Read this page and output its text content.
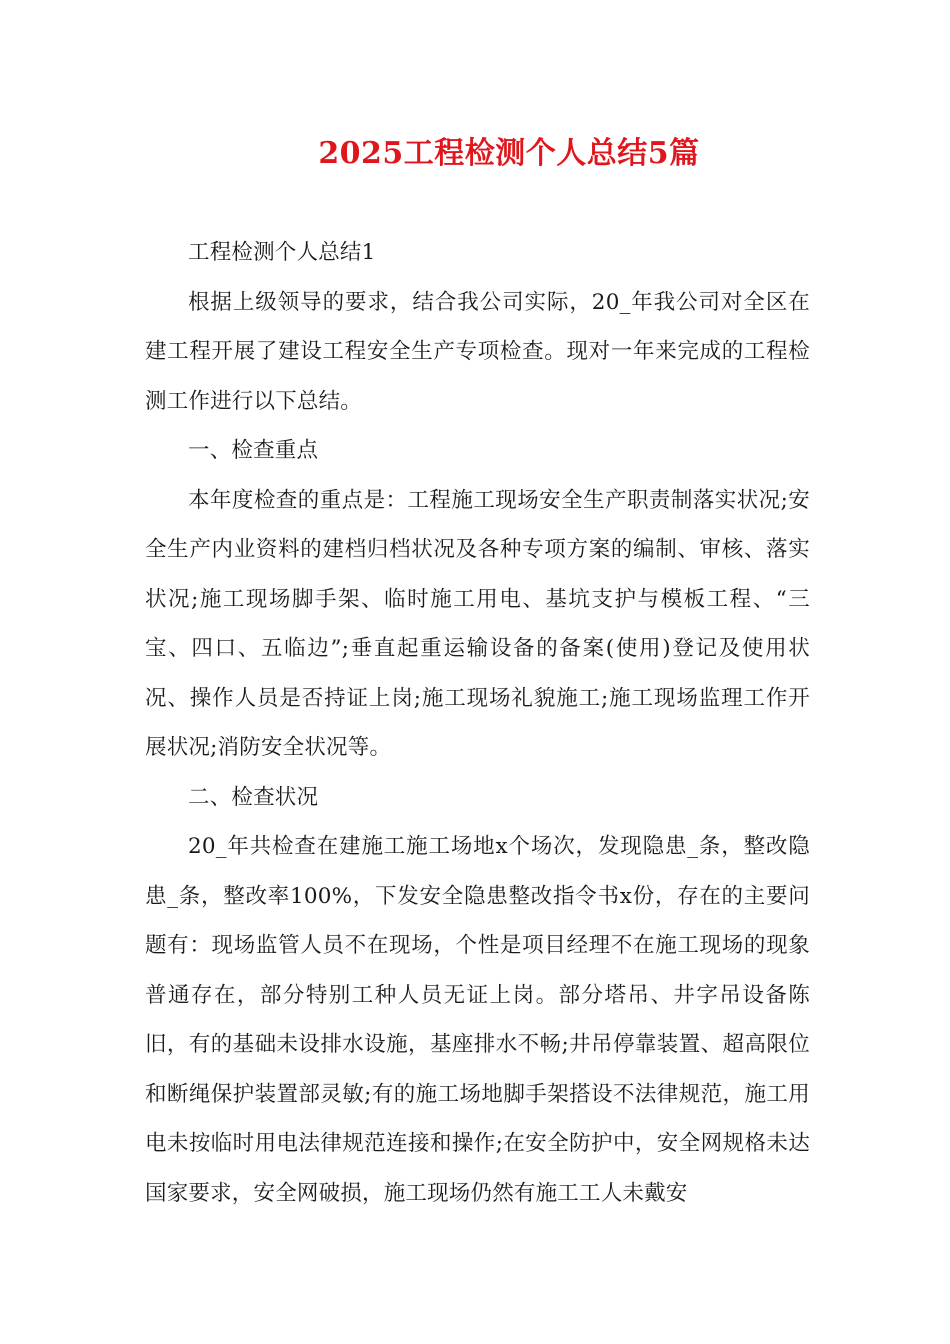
2025工程检测个人总结5篇

工程检测个人总结1

根据上级领导的要求，结合我公司实际，20_年我公司对全区在建工程开展了建设工程安全生产专项检查。现对一年来完成的工程检测工作进行以下总结。

一、检查重点

本年度检查的重点是：工程施工现场安全生产职责制落实状况;安全生产内业资料的建档归档状况及各种专项方案的编制、审核、落实状况;施工现场脚手架、临时施工用电、基坑支护与模板工程、“三宝、四口、五临边”;垂直起重运输设备的备案(使用)登记及使用状况、操作人员是否持证上岗;施工现场礼貌施工;施工现场监理工作开展状况;消防安全状况等。

二、检查状况

20_年共检查在建施工施工场地x个场次，发现隐患_条，整改隐患_条，整改率100%，下发安全隐患整改指令书x份，存在的主要问题有：现场监管人员不在现场，个性是项目经理不在施工现场的现象普通存在，部分特别工种人员无证上岗。部分塔吊、井字吊设备陈旧，有的基础未设排水设施，基座排水不畅;井吊停靠装置、超高限位和断绳保护装置部灵敏;有的施工场地脚手架搭设不法律规范，施工用电未按临时用电法律规范连接和操作;在安全防护中，安全网规格未达国家要求，安全网破损，施工现场仍然有施工工人未戴安
